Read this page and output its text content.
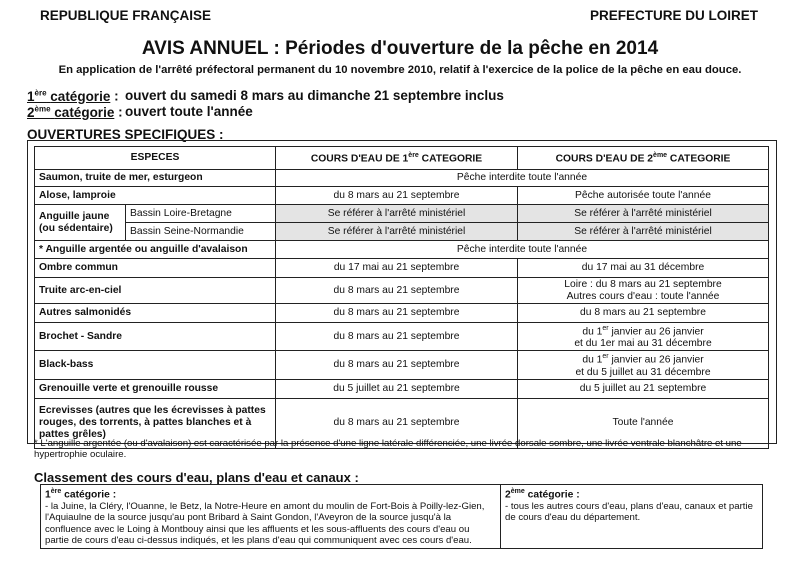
REPUBLIQUE FRANÇAISE	PREFECTURE DU LOIRET
AVIS ANNUEL : Périodes d'ouverture de la pêche en 2014
En application de l'arrêté préfectoral permanent du 10 novembre 2010, relatif à l'exercice de la police de la pêche en eau douce.
1ère catégorie : ouvert du samedi 8 mars au dimanche 21 septembre inclus
2ème catégorie : ouvert toute l'année
OUVERTURES SPECIFIQUES :
ESPECES		COURS D'EAU DE 1ère CATEGORIE	COURS D'EAU DE 2ème CATEGORIE
Saumon, truite de mer, esturgeon		Pêche interdite toute l'année	
Alose, lamproie		du 8 mars au 21 septembre	Pêche autorisée toute l'année
Anguille jaune
(ou sédentaire)	Bassin Loire-Bretagne	Se référer à l'arrêté ministériel	Se référer à l'arrêté ministériel
	Bassin Seine-Normandie	Se référer à l'arrêté ministériel	Se référer à l'arrêté ministériel
* Anguille argentée ou anguille d'avalaison		Pêche interdite toute l'année	
Ombre commun		du 17 mai au 21 septembre	du 17 mai au 31 décembre
Truite arc-en-ciel		du 8 mars au 21 septembre	Loire : du 8 mars au 21 septembre
Autres cours d'eau : toute l'année
Autres salmonidés		du 8 mars au 21 septembre	du 8 mars au 21 septembre
Brochet - Sandre		du 8 mars au 21 septembre	du 1er janvier au 26 janvier
et du 1er mai au 31 décembre
Black-bass		du 8 mars au 21 septembre	du 1er janvier au 26 janvier
et du 5 juillet au 31 décembre
Grenouille verte et grenouille rousse		du 5 juillet au 21 septembre	du 5 juillet au 21 septembre
Ecrevisses (autres que les écrevisses à pattes rouges, des torrents, à pattes blanches et à pattes grêles)		du 8 mars au 21 septembre	Toute l'année
* L'anguille argentée (ou d'avalaison) est caractérisée par la présence d'une ligne latérale différenciée, une livrée dorsale sombre, une livrée ventrale blanchâtre et une hypertrophie oculaire.
Classement des cours d'eau, plans d'eau et canaux :
1ère catégorie :
- la Juine, la Cléry, l'Ouanne, le Betz, la Notre-Heure en amont du moulin de Fort-Bois à Poilly-lez-Gien, l'Aquiaulne de la source jusqu'au pont Bribard à Saint Gondon, l'Aveyron de la source jusqu'à la confluence avec le Loing à Montbouy ainsi que les affluents et les sous-affluents des cours d'eau ou partie de cours d'eau ci-dessus indiqués, et les plans d'eau qui communiquent avec ces cours d'eau.

2ème catégorie :
- tous les autres cours d'eau, plans d'eau, canaux et partie de cours d'eau du département.
